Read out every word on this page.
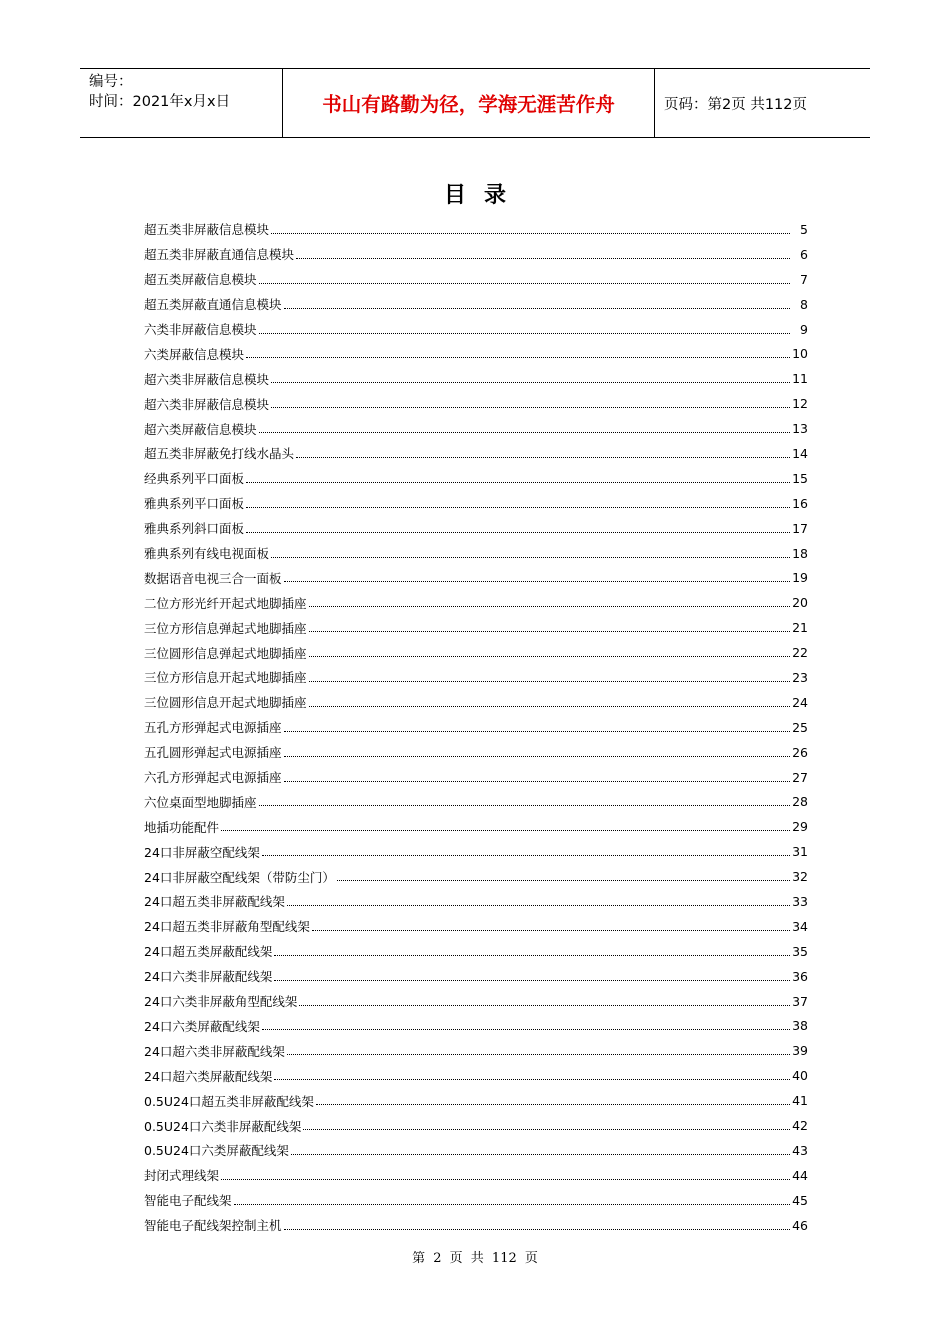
编号：
时间：2021年x月x日	书山有路勤为径，学海无涯苦作舟	页码：第2页 共112页
目录
超五类非屏蔽信息模块	5
超五类非屏蔽直通信息模块	6
超五类屏蔽信息模块	7
超五类屏蔽直通信息模块	8
六类非屏蔽信息模块	9
六类屏蔽信息模块	10
超六类非屏蔽信息模块	11
超六类非屏蔽信息模块	12
超六类屏蔽信息模块	13
超五类非屏蔽免打线水晶头	14
经典系列平口面板	15
雅典系列平口面板	16
雅典系列斜口面板	17
雅典系列有线电视面板	18
数据语音电视三合一面板	19
二位方形光纤开起式地脚插座	20
三位方形信息弹起式地脚插座	21
三位圆形信息弹起式地脚插座	22
三位方形信息开起式地脚插座	23
三位圆形信息开起式地脚插座	24
五孔方形弹起式电源插座	25
五孔圆形弹起式电源插座	26
六孔方形弹起式电源插座	27
六位桌面型地脚插座	28
地插功能配件	29
24口非屏蔽空配线架	31
24口非屏蔽空配线架（带防尘门）	32
24口超五类非屏蔽配线架	33
24口超五类非屏蔽角型配线架	34
24口超五类屏蔽配线架	35
24口六类非屏蔽配线架	36
24口六类非屏蔽角型配线架	37
24口六类屏蔽配线架	38
24口超六类非屏蔽配线架	39
24口超六类屏蔽配线架	40
0.5U24口超五类非屏蔽配线架	41
0.5U24口六类非屏蔽配线架	42
0.5U24口六类屏蔽配线架	43
封闭式理线架	44
智能电子配线架	45
智能电子配线架控制主机	46
第 2 页 共 112 页
